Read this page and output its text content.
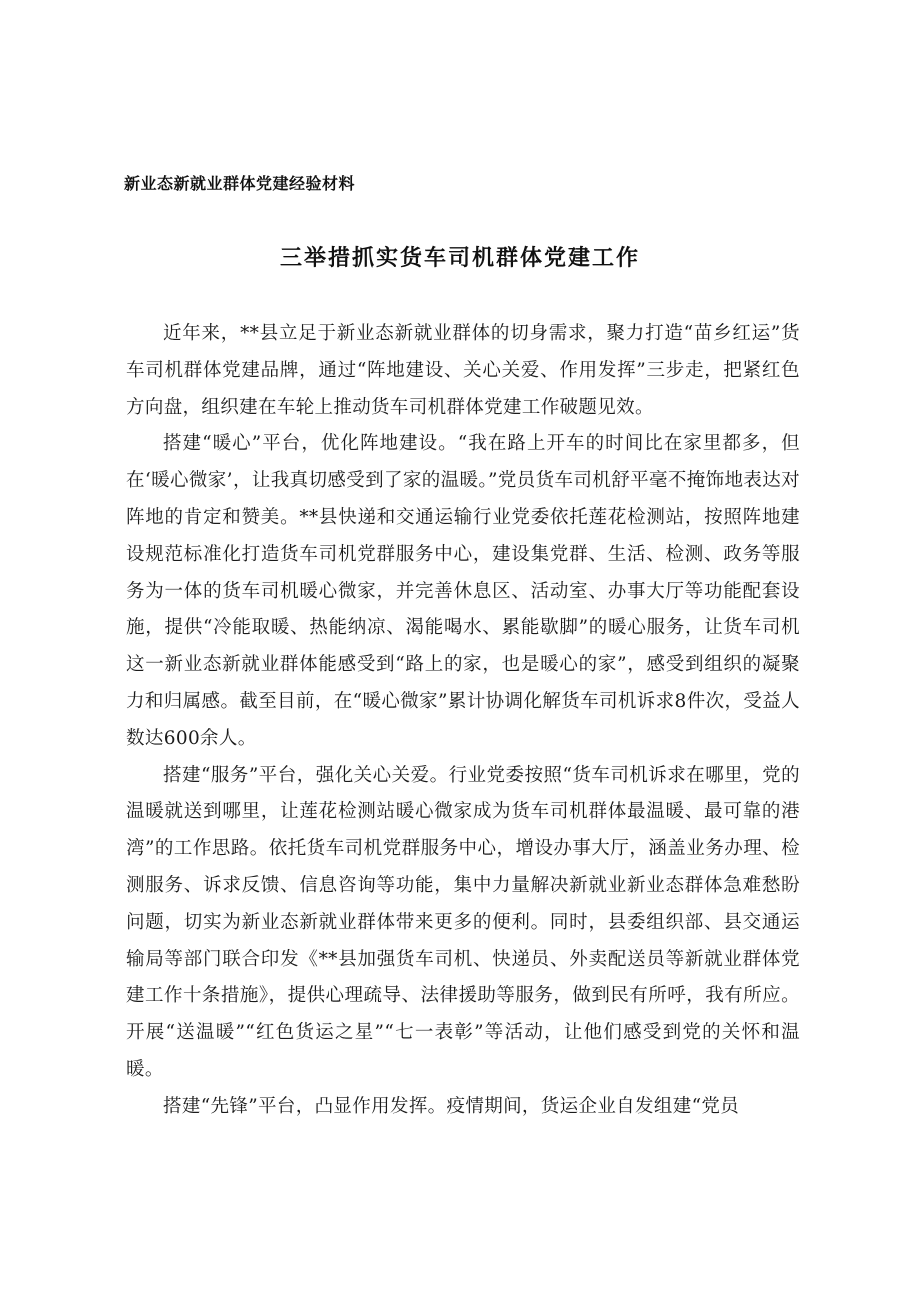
新业态新就业群体党建经验材料
三举措抓实货车司机群体党建工作

近年来，**县立足于新业态新就业群体的切身需求，聚力打造“苗乡红运”货车司机群体党建品牌，通过“阵地建设、关心关爱、作用发挥”三步走，把紧红色方向盘，组织建在车轮上推动货车司机群体党建工作破题见效。

搭建“暖心”平台，优化阵地建设。“我在路上开车的时间比在家里都多，但在‘暖心微家’，让我真切感受到了家的温暖。”党员货车司机舒平毫不掩饰地表达对阵地的肯定和赞美。**县快递和交通运输行业党委依托莲花检测站，按照阵地建设规范标准化打造货车司机党群服务中心，建设集党群、生活、检测、政务等服务为一体的货车司机暖心微家，并完善休息区、活动室、办事大厅等功能配套设施，提供“冷能取暖、热能纳凉、渴能喝水、累能歇脚”的暖心服务，让货车司机这一新业态新就业群体能感受到“路上的家，也是暖心的家”，感受到组织的凝聚力和归属感。截至目前，在“暖心微家”累计协调化解货车司机诉求8件次，受益人数达600余人。

搭建“服务”平台，强化关心关爱。行业党委按照“货车司机诉求在哪里，党的温暖就送到哪里，让莲花检测站暖心微家成为货车司机群体最温暖、最可靠的港湾”的工作思路。依托货车司机党群服务中心，增设办事大厅，涵盖业务办理、检测服务、诉求反馈、信息咨询等功能，集中力量解决新就业新业态群体急难愁盼问题，切实为新业态新就业群体带来更多的便利。同时，县委组织部、县交通运输局等部门联合印发《**县加强货车司机、快递员、外卖配送员等新就业群体党建工作十条措施》，提供心理疏导、法律援助等服务，做到民有所呼，我有所应。开展“送温暖”“红色货运之星”“七一表彰”等活动，让他们感受到党的关怀和温暖。

搭建“先锋”平台，凸显作用发挥。疫情期间，货运企业自发组建“党员
